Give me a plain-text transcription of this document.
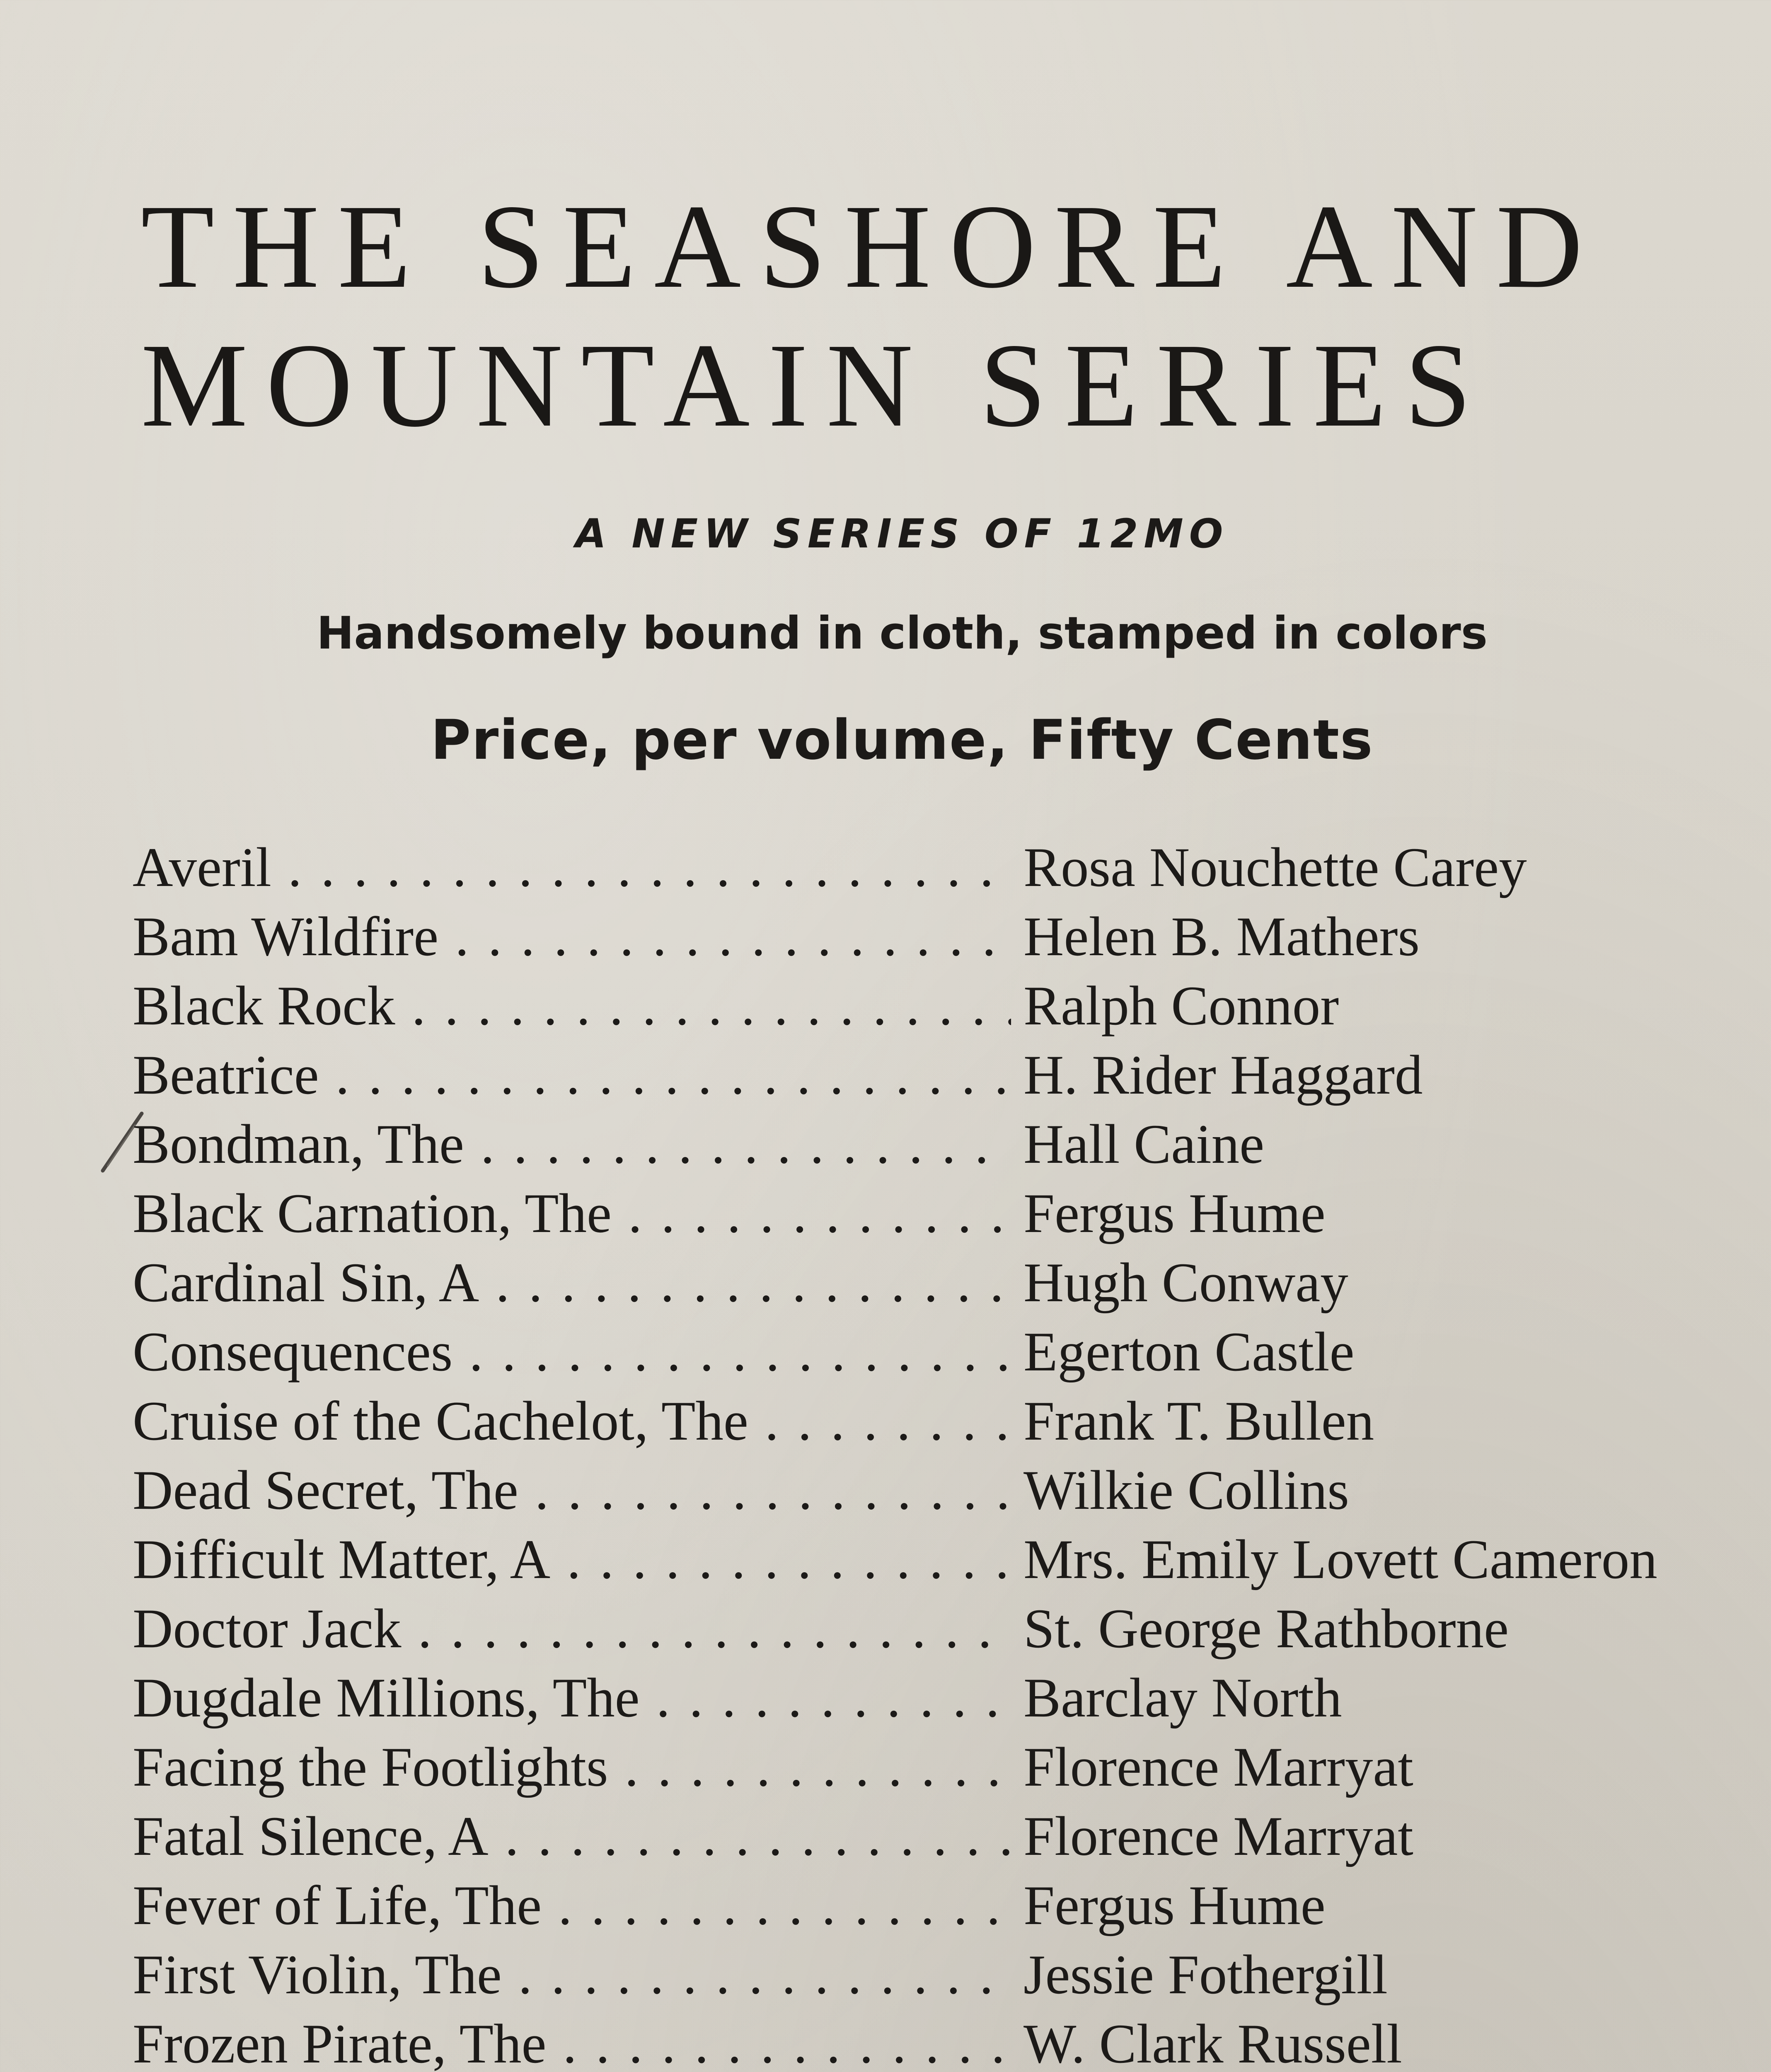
THE SEASHORE AND
MOUNTAIN SERIES
A NEW SERIES OF 12MO
Handsomely bound in cloth, stamped in colors
Price, per volume, Fifty Cents
Averil . . .	Rosa Nouchette Carey
Bam Wildfire . . .	Helen B. Mathers
Black Rock . . .	Ralph Connor
Beatrice . . .	H. Rider Haggard
Bondman, The . . .	Hall Caine
Black Carnation, The . . .	Fergus Hume
Cardinal Sin, A . . .	Hugh Conway
Consequences . . .	Egerton Castle
Cruise of the Cachelot, The . . .	Frank T. Bullen
Dead Secret, The . . .	Wilkie Collins
Difficult Matter, A . . .	Mrs. Emily Lovett Cameron
Doctor Jack . . .	St. George Rathborne
Dugdale Millions, The . . .	Barclay North
Facing the Footlights . . .	Florence Marryat
Fatal Silence, A . . .	Florence Marryat
Fever of Life, The . . .	Fergus Hume
First Violin, The . . .	Jessie Fothergill
Frozen Pirate, The . . .	W. Clark Russell
